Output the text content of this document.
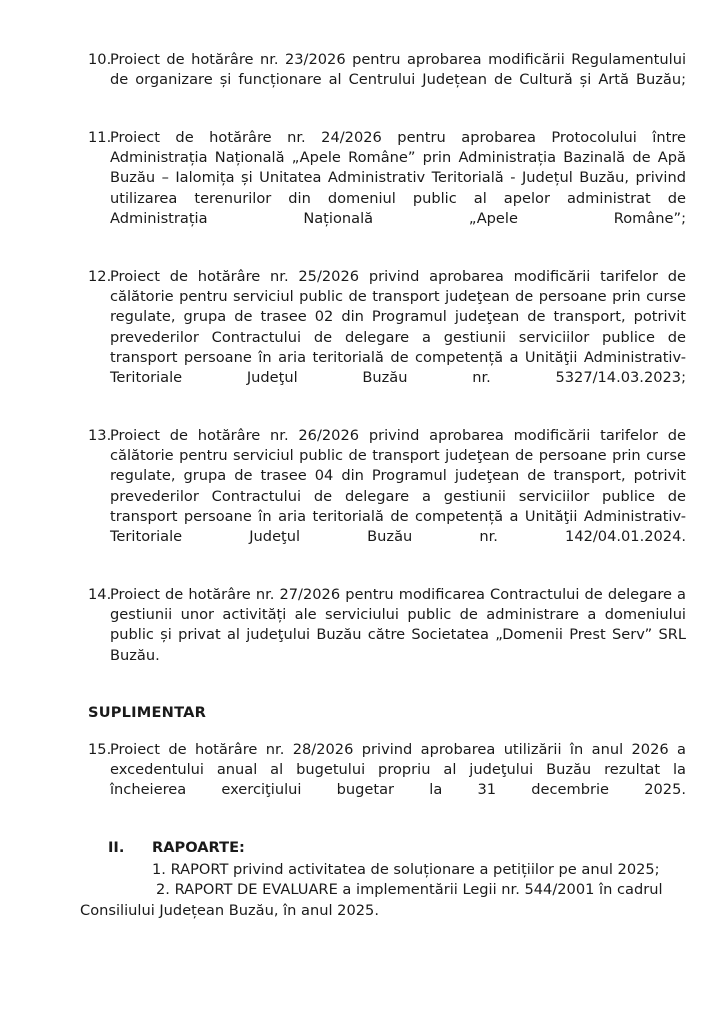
10.
Proiect de hotărâre nr. 23/2026 pentru aprobarea modificării Regulamentului de organizare și funcționare al Centrului Județean de Cultură și Artă Buzău;
11.
Proiect de hotărâre nr. 24/2026 pentru aprobarea Protocolului între Administrația Națională „Apele Române” prin Administrația Bazinală de Apă Buzău – Ialomița și Unitatea Administrativ Teritorială - Județul Buzău, privind utilizarea terenurilor din domeniul public al apelor administrat de Administrația Națională „Apele Române”;
12.
Proiect de hotărâre nr. 25/2026 privind aprobarea modificării tarifelor de călătorie pentru serviciul public de transport judeţean de persoane prin curse regulate, grupa de trasee 02 din Programul judeţean de transport, potrivit prevederilor Contractului de delegare a gestiunii serviciilor publice de transport persoane în aria teritorială de competență a Unităţii Administrativ-Teritoriale Judeţul Buzău nr. 5327/14.03.2023;
13.
Proiect de hotărâre nr. 26/2026 privind aprobarea modificării tarifelor de călătorie pentru serviciul public de transport judeţean de persoane prin curse regulate, grupa de trasee 04 din Programul judeţean de transport, potrivit prevederilor Contractului de delegare a gestiunii serviciilor publice de transport persoane în aria teritorială de competență a Unităţii Administrativ-Teritoriale Judeţul Buzău nr. 142/04.01.2024.
14.
Proiect de hotărâre nr. 27/2026 pentru modificarea Contractului de delegare a gestiunii unor activități ale serviciului public de administrare a domeniului public și privat al judeţului Buzău către Societatea „Domenii Prest Serv” SRL Buzău.
SUPLIMENTAR
15.
Proiect de hotărâre nr. 28/2026 privind aprobarea utilizării în anul 2026 a excedentului anual al bugetului propriu al judeţului Buzău rezultat la încheierea exerciţiului bugetar la 31 decembrie 2025.
II.	RAPOARTE:
1. RAPORT privind activitatea de soluționare a petițiilor pe anul 2025;
2. RAPORT DE EVALUARE a implementării Legii nr. 544/2001 în cadrul
Consiliului Județean Buzău, în anul 2025.
